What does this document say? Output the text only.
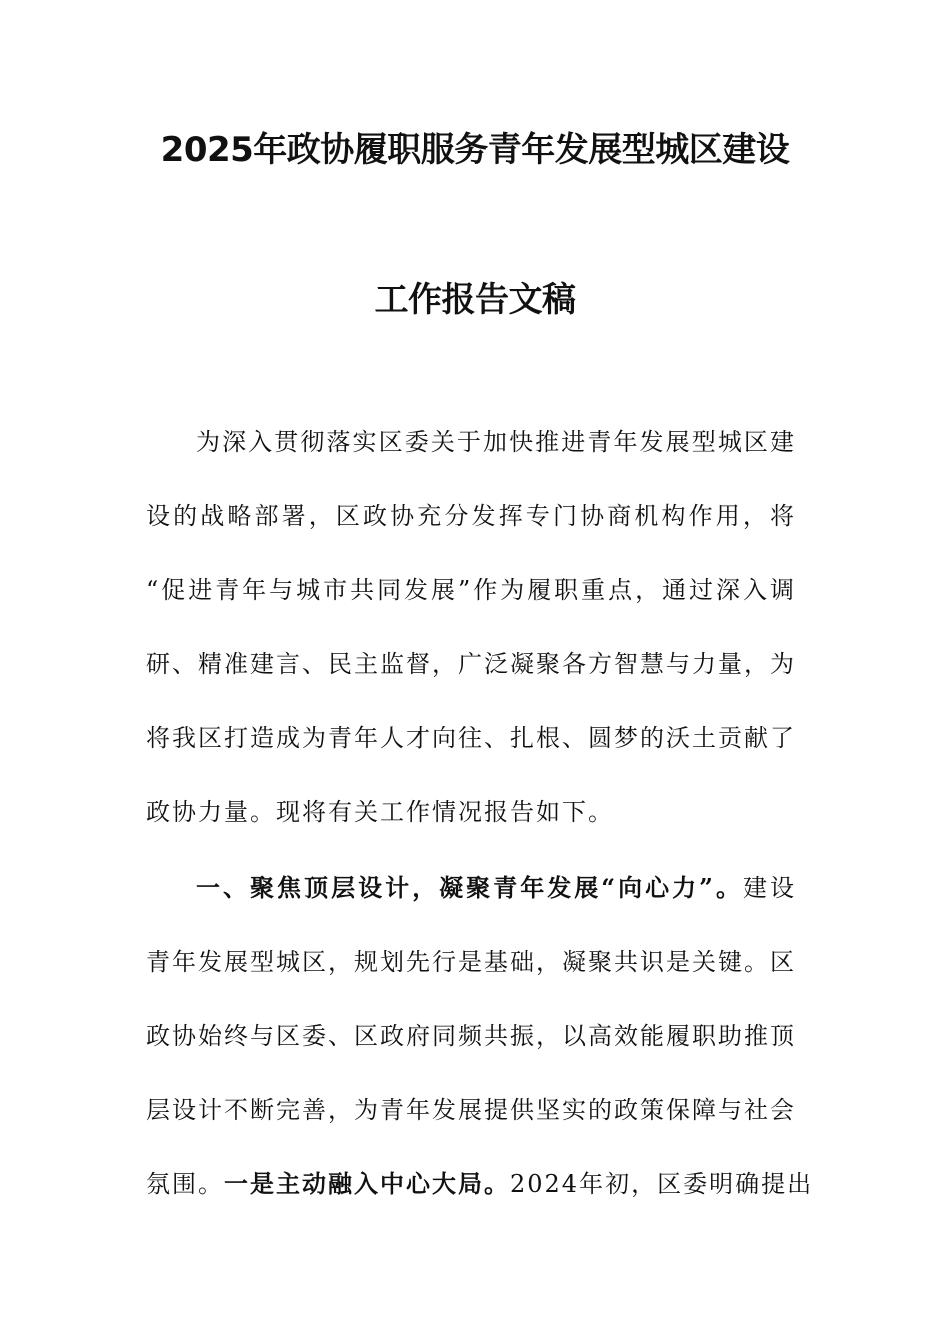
2025年政协履职服务青年发展型城区建设
工作报告文稿
为深入贯彻落实区委关于加快推进青年发展型城区建
设的战略部署，区政协充分发挥专门协商机构作用，将
“促进青年与城市共同发展”作为履职重点，通过深入调
研、精准建言、民主监督，广泛凝聚各方智慧与力量，为
将我区打造成为青年人才向往、扎根、圆梦的沃土贡献了
政协力量。现将有关工作情况报告如下。
一、聚焦顶层设计，凝聚青年发展“向心力”。建设
青年发展型城区，规划先行是基础，凝聚共识是关键。区
政协始终与区委、区政府同频共振，以高效能履职助推顶
层设计不断完善，为青年发展提供坚实的政策保障与社会
氛围。一是主动融入中心大局。2024年初，区委明确提出
